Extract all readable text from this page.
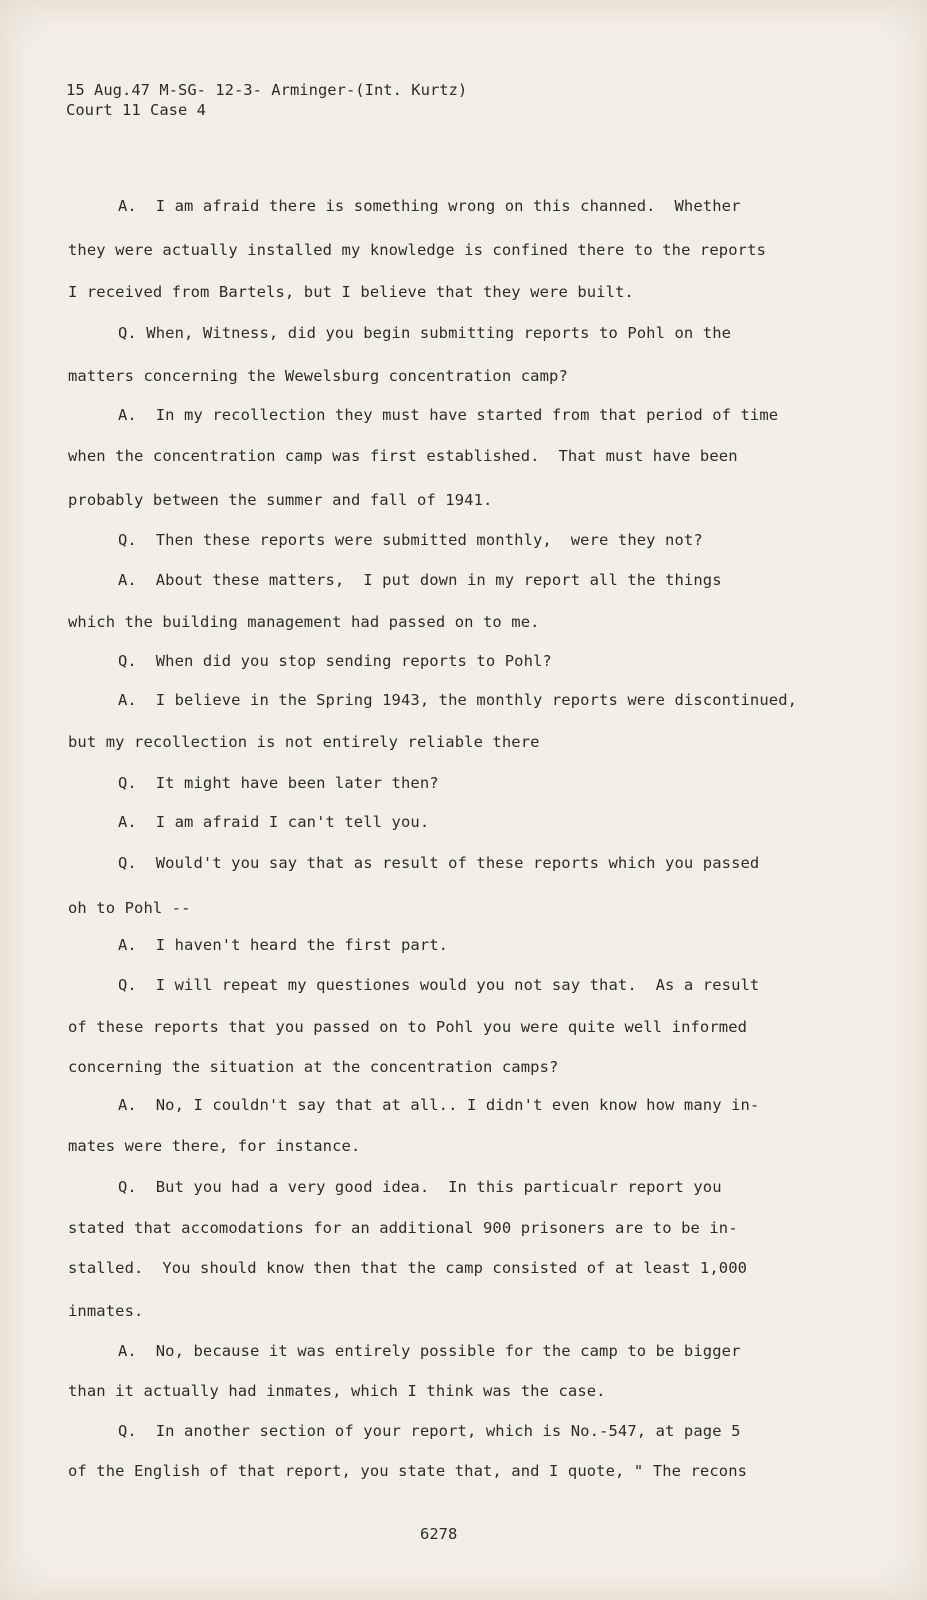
15 Aug.47 M-SG- 12-3- Arminger-(Int. Kurtz)
Court 11 Case 4
A.  I am afraid there is something wrong on this channed.  Whether
they were actually installed my knowledge is confined there to the reports
I received from Bartels, but I believe that they were built.
Q. When, Witness, did you begin submitting reports to Pohl on the
matters concerning the Wewelsburg concentration camp?
A.  In my recollection they must have started from that period of time
when the concentration camp was first established.  That must have been
probably between the summer and fall of 1941.
Q.  Then these reports were submitted monthly,  were they not?
A.  About these matters,  I put down in my report all the things
which the building management had passed on to me.
Q.  When did you stop sending reports to Pohl?
A.  I believe in the Spring 1943, the monthly reports were discontinued,
but my recollection is not entirely reliable there
Q.  It might have been later then?
A.  I am afraid I can't tell you.
Q.  Would't you say that as result of these reports which you passed
oh to Pohl --
A.  I haven't heard the first part.
Q.  I will repeat my questiones would you not say that.  As a result
of these reports that you passed on to Pohl you were quite well informed
concerning the situation at the concentration camps?
A.  No, I couldn't say that at all.. I didn't even know how many in-
mates were there, for instance.
Q.  But you had a very good idea.  In this particualr report you
stated that accomodations for an additional 900 prisoners are to be in-
stalled.  You should know then that the camp consisted of at least 1,000
inmates.
A.  No, because it was entirely possible for the camp to be bigger
than it actually had inmates, which I think was the case.
Q.  In another section of your report, which is No.-547, at page 5
of the English of that report, you state that, and I quote, " The recons
6278
